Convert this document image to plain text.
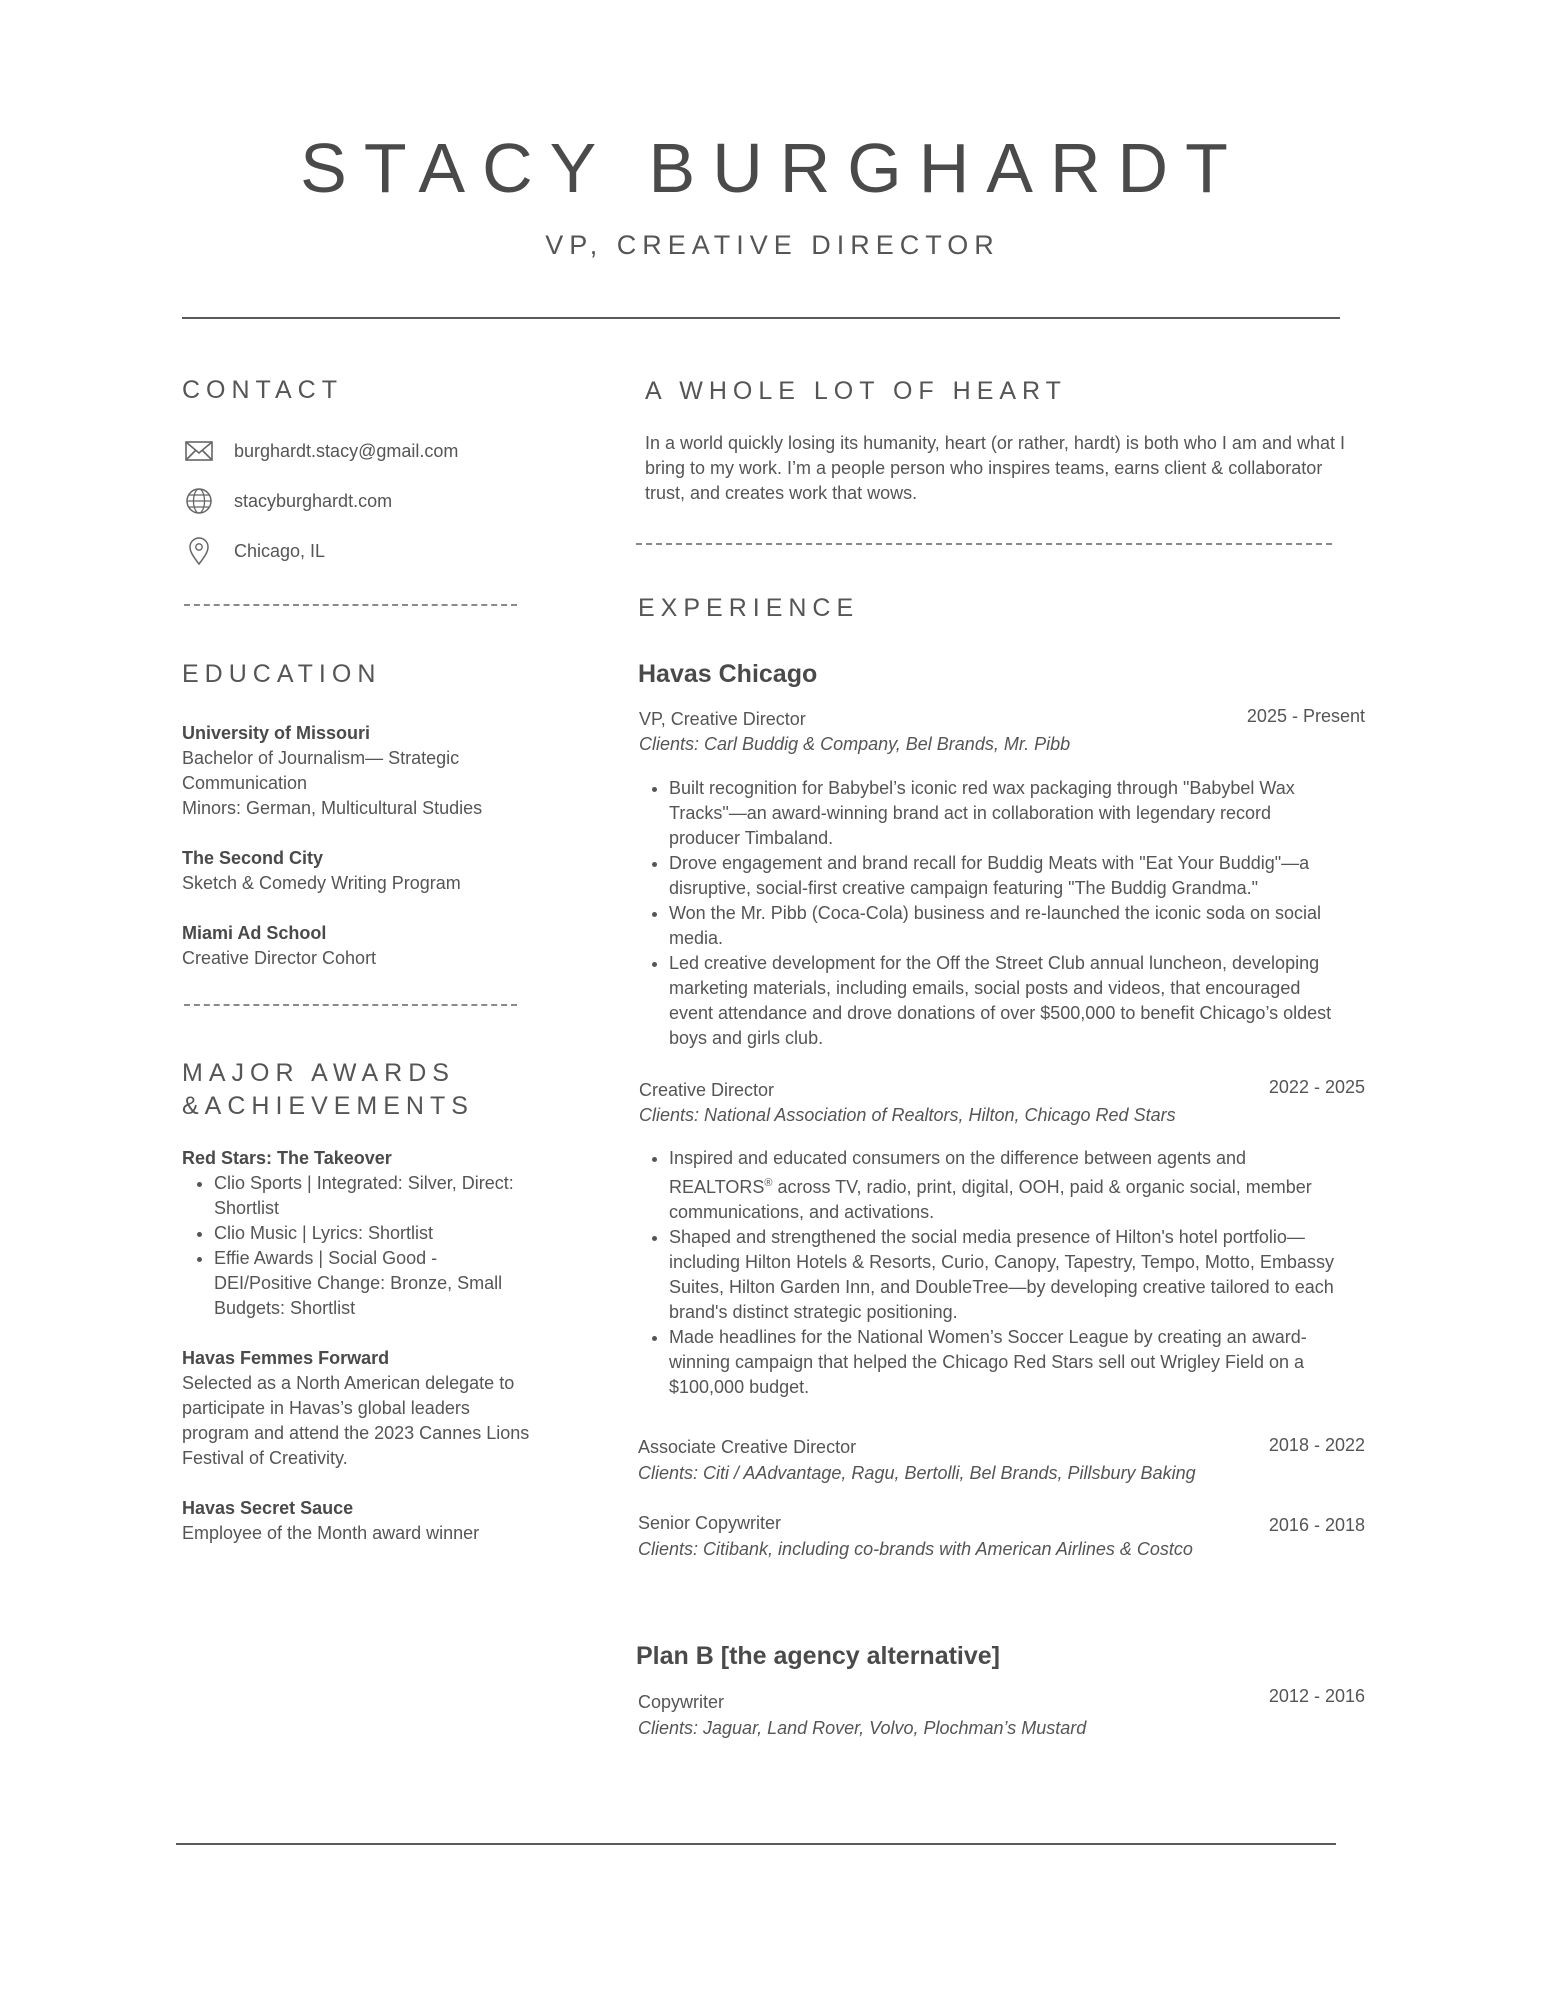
STACY BURGHARDT
VP, CREATIVE DIRECTOR
CONTACT
burghardt.stacy@gmail.com
stacyburghardt.com
Chicago, IL
EDUCATION
University of Missouri
Bachelor of Journalism— Strategic
Communication
Minors: German, Multicultural Studies
The Second City
Sketch & Comedy Writing Program
Miami Ad School
Creative Director Cohort
MAJOR AWARDS
&ACHIEVEMENTS
Red Stars: The Takeover
• Clio Sports | Integrated: Silver, Direct: Shortlist
• Clio Music | Lyrics: Shortlist
• Effie Awards | Social Good - DEI/Positive Change: Bronze, Small Budgets: Shortlist
Havas Femmes Forward
Selected as a North American delegate to participate in Havas’s global leaders program and attend the 2023 Cannes Lions Festival of Creativity.
Havas Secret Sauce
Employee of the Month award winner
A WHOLE LOT OF HEART
In a world quickly losing its humanity, heart (or rather, hardt) is both who I am and what I bring to my work. I’m a people person who inspires teams, earns client & collaborator trust, and creates work that wows.
EXPERIENCE
Havas Chicago
VP, Creative Director	2025 - Present
Clients: Carl Buddig & Company, Bel Brands, Mr. Pibb
• Built recognition for Babybel’s iconic red wax packaging through "Babybel Wax Tracks"—an award-winning brand act in collaboration with legendary record producer Timbaland.
• Drove engagement and brand recall for Buddig Meats with "Eat Your Buddig"—a disruptive, social-first creative campaign featuring "The Buddig Grandma."
• Won the Mr. Pibb (Coca-Cola) business and re-launched the iconic soda on social media.
• Led creative development for the Off the Street Club annual luncheon, developing marketing materials, including emails, social posts and videos, that encouraged event attendance and drove donations of over $500,000 to benefit Chicago’s oldest boys and girls club.
Creative Director	2022 - 2025
Clients: National Association of Realtors, Hilton, Chicago Red Stars
• Inspired and educated consumers on the difference between agents and REALTORS® across TV, radio, print, digital, OOH, paid & organic social, member communications, and activations.
• Shaped and strengthened the social media presence of Hilton's hotel portfolio—including Hilton Hotels & Resorts, Curio, Canopy, Tapestry, Tempo, Motto, Embassy Suites, Hilton Garden Inn, and DoubleTree—by developing creative tailored to each brand's distinct strategic positioning.
• Made headlines for the National Women’s Soccer League by creating an award-winning campaign that helped the Chicago Red Stars sell out Wrigley Field on a $100,000 budget.
Associate Creative Director	2018 - 2022
Clients: Citi / AAdvantage, Ragu, Bertolli, Bel Brands, Pillsbury Baking
Senior Copywriter	2016 - 2018
Clients: Citibank, including co-brands with American Airlines & Costco
Plan B [the agency alternative]
Copywriter	2012 - 2016
Clients: Jaguar, Land Rover, Volvo, Plochman’s Mustard
